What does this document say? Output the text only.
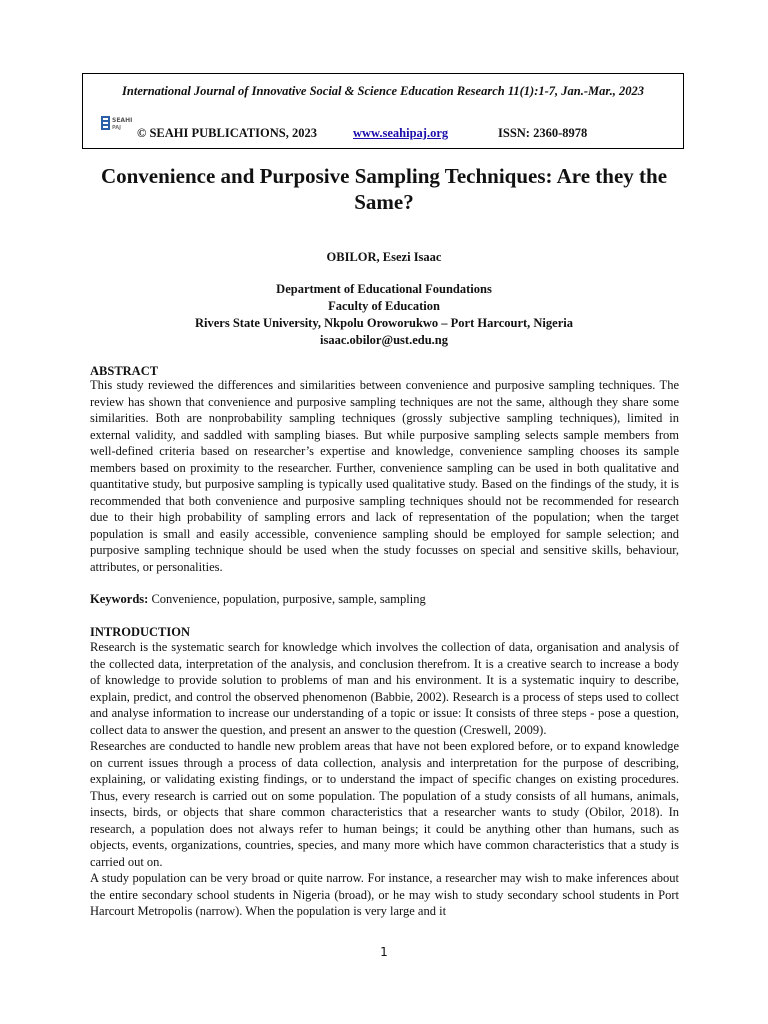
International Journal of Innovative Social & Science Education Research 11(1):1-7, Jan.-Mar., 2023
SEAHI
PAJ © SEAHI PUBLICATIONS, 2023	www.seahipaj.org	ISSN: 2360-8978
Convenience and Purposive Sampling Techniques: Are they the Same?
OBILOR, Esezi Isaac
Department of Educational Foundations
Faculty of Education
Rivers State University, Nkpolu Oroworukwo – Port Harcourt, Nigeria
isaac.obilor@ust.edu.ng
ABSTRACT

This study reviewed the differences and similarities between convenience and purposive sampling techniques. The review has shown that convenience and purposive sampling techniques are not the same, although they share some similarities. Both are nonprobability sampling techniques (grossly subjective sampling techniques), limited in external validity, and saddled with sampling biases. But while purposive sampling selects sample members from well-defined criteria based on researcher’s expertise and knowledge, convenience sampling chooses its sample members based on proximity to the researcher. Further, convenience sampling can be used in both qualitative and quantitative study, but purposive sampling is typically used qualitative study. Based on the findings of the study, it is recommended that both convenience and purposive sampling techniques should not be recommended for research due to their high probability of sampling errors and lack of representation of the population; when the target population is small and easily accessible, convenience sampling should be employed for sample selection; and purposive sampling technique should be used when the study focusses on special and sensitive skills, behaviour, attributes, or personalities.

Keywords: Convenience, population, purposive, sample, sampling
INTRODUCTION

Research is the systematic search for knowledge which involves the collection of data, organisation and analysis of the collected data, interpretation of the analysis, and conclusion therefrom. It is a creative search to increase a body of knowledge to provide solution to problems of man and his environment. It is a systematic inquiry to describe, explain, predict, and control the observed phenomenon (Babbie, 2002). Research is a process of steps used to collect and analyse information to increase our understanding of a topic or issue: It consists of three steps - pose a question, collect data to answer the question, and present an answer to the question (Creswell, 2009).

Researches are conducted to handle new problem areas that have not been explored before, or to expand knowledge on current issues through a process of data collection, analysis and interpretation for the purpose of describing, explaining, or validating existing findings, or to understand the impact of specific changes on existing procedures. Thus, every research is carried out on some population. The population of a study consists of all humans, animals, insects, birds, or objects that share common characteristics that a researcher wants to study (Obilor, 2018). In research, a population does not always refer to human beings; it could be anything other than humans, such as objects, events, organizations, countries, species, and many more which have common characteristics that a study is carried out on.

A study population can be very broad or quite narrow. For instance, a researcher may wish to make inferences about the entire secondary school students in Nigeria (broad), or he may wish to study secondary school students in Port Harcourt Metropolis (narrow). When the population is very large and it

1
